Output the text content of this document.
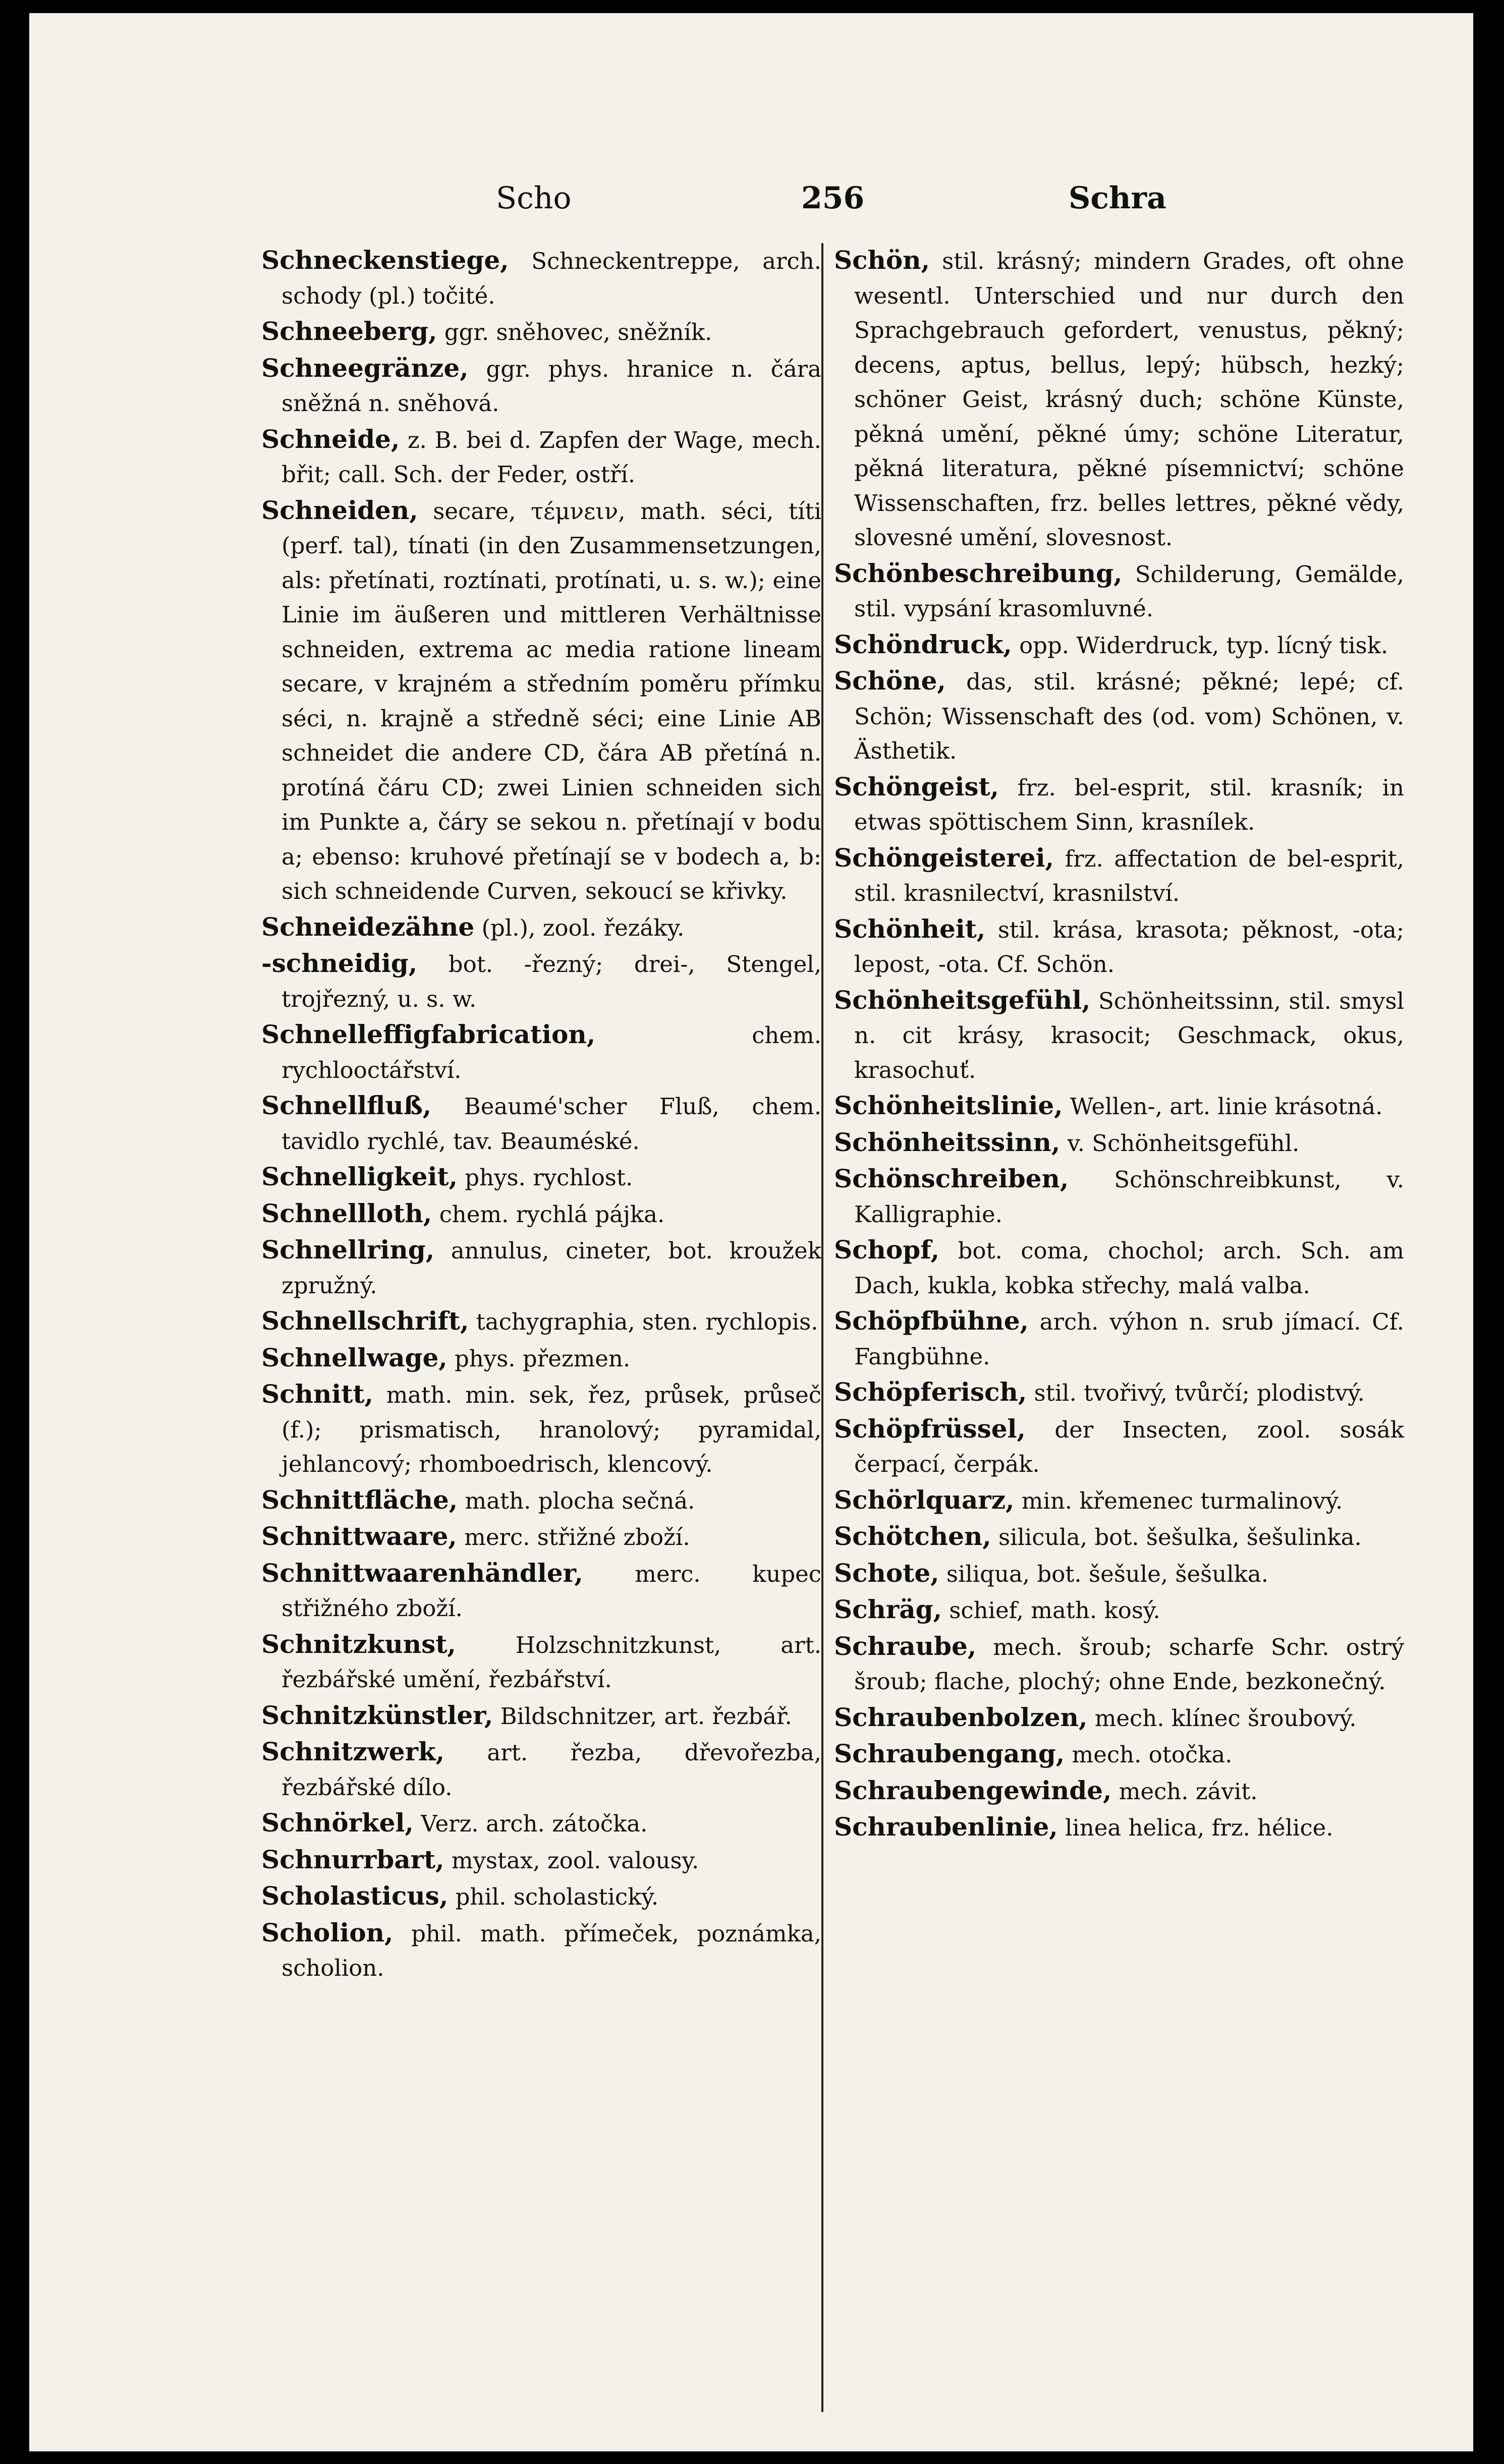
Scho	256	Schra

Schneckenstiege, Schneckentreppe, arch. schody (pl.) točité.

Schneeberg, ggr. sněhovec, sněžník.

Schneegränze, ggr. phys. hranice n. čára sněžná n. sněhová.

Schneide, z. B. bei d. Zapfen der Wage, mech. břit; call. Sch. der Feder, ostří.

Schneiden, secare, τέμνειν, math. séci, títi (perf. tal), tínati (in den Zusammensetzungen, als: přetínati, roztínati, protínati, u. s. w.); eine Linie im äußeren und mittleren Verhältnisse schneiden, extrema ac media ratione lineam secare, v krajném a středním poměru přímku séci, n. krajně a středně séci; eine Linie AB schneidet die andere CD, čára AB přetíná n. protíná čáru CD; zwei Linien schneiden sich im Punkte a, čáry se sekou n. přetínají v bodu a; ebenso: kruhové přetínají se v bodech a, b: sich schneidende Curven, sekoucí se křivky.

Schneidezähne (pl.), zool. řezáky.

-schneidig, bot. -řezný; drei-, Stengel, trojřezný, u. s. w.

Schnelleffigfabrication,	chem. rychlooctářství.

Schnellfluß, Beaumé'scher Fluß, chem. tavidlo rychlé, tav. Beauméské.

Schnelligkeit, phys. rychlost.

Schnellloth, chem. rychlá pájka.

Schnellring, annulus, cineter, bot. kroužek zpružný.

Schnellschrift, tachygraphia, sten. rychlopis.

Schnellwage, phys. přezmen.

Schnitt, math. min. sek, řez, průsek, průseč (f.); prismatisch, hranolový; pyramidal, jehlancový; rhomboedrisch, klencový.

Schnittfläche, math. plocha sečná.

Schnittwaare, merc. střižné zboží.

Schnittwaarenhändler, merc. kupec střižného zboží.

Schnitzkunst,	Holzschnitzkunst, art. řezbářské umění, řezbářství.

Schnitzkünstler, Bildschnitzer, art. řezbář.

Schnitzwerk, art. řezba, dřevořezba, řezbářské dílo.

Schnörkel, Verz. arch. zátočka.

Schnurrbart, mystax, zool. valousy.

Scholasticus, phil. scholastický.

Scholion, phil. math. přímeček, poznámka, scholion.

Schön, stil. krásný; mindern Grades, oft ohne wesentl. Unterschied und nur durch den Sprachgebrauch gefordert, venustus, pěkný; decens, aptus, bellus, lepý; hübsch, hezký; schöner Geist, krásný duch; schöne Künste, pěkná umění, pěkné úmy; schöne Literatur, pěkná literatura, pěkné písemnictví; schöne Wissenschaften, frz. belles lettres, pěkné vědy, slovesné umění, slovesnost.

Schönbeschreibung, Schilderung, Gemälde, stil. vypsání krasomluvné.

Schöndruck, opp. Widerdruck, typ. lícný tisk.

Schöne, das, stil. krásné; pěkné; lepé; cf. Schön; Wissenschaft des (od. vom) Schönen, v. Ästhetik.

Schöngeist, frz. bel-esprit, stil. krasník; in etwas spöttischem Sinn, krasnílek.

Schöngeisterei, frz. affectation de bel-esprit, stil. krasnilectví, krasnilství.

Schönheit, stil. krása, krasota; pěknost, -ota; lepost, -ota. Cf. Schön.

Schönheitsgefühl, Schönheitssinn, stil. smysl n. cit krásy, krasocit; Geschmack, okus, krasochuť.

Schönheitslinie, Wellen-, art. linie krásotná.

Schönheitssinn, v. Schönheitsgefühl.

Schönschreiben, Schönschreibkunst, v. Kalligraphie.

Schopf, bot. coma, chochol; arch. Sch. am Dach, kukla, kobka střechy, malá valba.

Schöpfbühne, arch. výhon n. srub jímací. Cf. Fangbühne.

Schöpferisch, stil. tvořivý, tvůrčí; plodistvý.

Schöpfrüssel, der Insecten, zool. sosák čerpací, čerpák.

Schörlquarz, min. křemenec turmalinový.

Schötchen, silicula, bot. šešulka, šešulinka.

Schote, siliqua, bot. šešule, šešulka.

Schräg, schief, math. kosý.

Schraube, mech. šroub; scharfe Schr. ostrý šroub; flache, plochý; ohne Ende, bezkonečný.

Schraubenbolzen, mech. klínec šroubový.

Schraubengang, mech. otočka.

Schraubengewinde, mech. závit.

Schraubenlinie, linea helica, frz. hélice.
